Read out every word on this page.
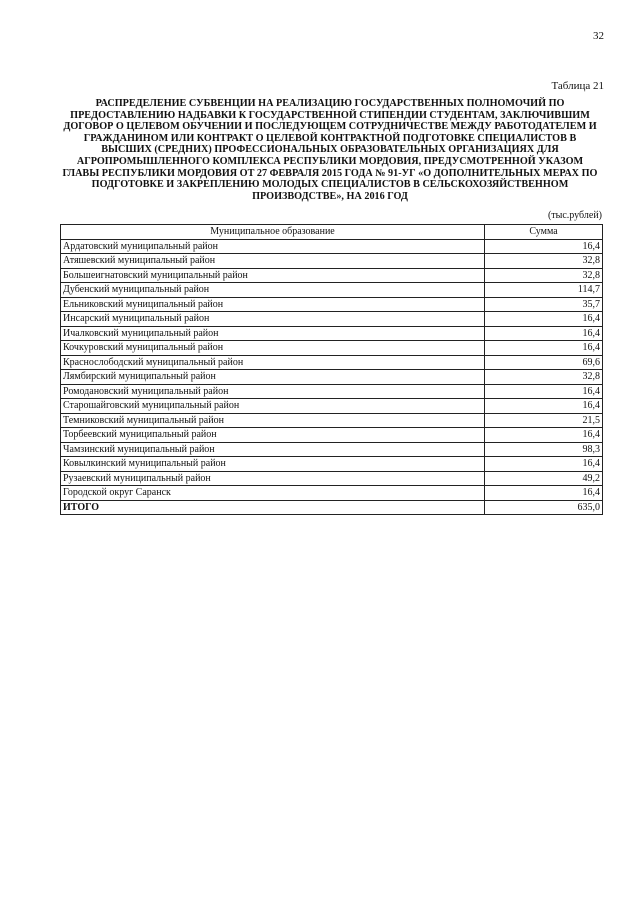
32
Таблица 21
РАСПРЕДЕЛЕНИЕ СУБВЕНЦИИ НА РЕАЛИЗАЦИЮ ГОСУДАРСТВЕННЫХ ПОЛНОМОЧИЙ ПО ПРЕДОСТАВЛЕНИЮ НАДБАВКИ К ГОСУДАРСТВЕННОЙ СТИПЕНДИИ СТУДЕНТАМ, ЗАКЛЮЧИВШИМ ДОГОВОР О ЦЕЛЕВОМ ОБУЧЕНИИ И ПОСЛЕДУЮЩЕМ СОТРУДНИЧЕСТВЕ МЕЖДУ РАБОТОДАТЕЛЕМ И ГРАЖДАНИНОМ ИЛИ КОНТРАКТ О ЦЕЛЕВОЙ КОНТРАКТНОЙ ПОДГОТОВКЕ СПЕЦИАЛИСТОВ В ВЫСШИХ (СРЕДНИХ) ПРОФЕССИОНАЛЬНЫХ ОБРАЗОВАТЕЛЬНЫХ ОРГАНИЗАЦИЯХ ДЛЯ АГРОПРОМЫШЛЕННОГО КОМПЛЕКСА РЕСПУБЛИКИ МОРДОВИЯ, ПРЕДУСМОТРЕННОЙ УКАЗОМ ГЛАВЫ РЕСПУБЛИКИ МОРДОВИЯ ОТ 27 ФЕВРАЛЯ 2015 ГОДА № 91-УГ «О ДОПОЛНИТЕЛЬНЫХ МЕРАХ ПО ПОДГОТОВКЕ И ЗАКРЕПЛЕНИЮ МОЛОДЫХ СПЕЦИАЛИСТОВ В СЕЛЬСКОХОЗЯЙСТВЕННОМ ПРОИЗВОДСТВЕ», НА 2016 ГОД
(тыс.рублей)
Муниципальное образование	Сумма
Ардатовский муниципальный район	16,4
Атяшевский муниципальный район	32,8
Большеигнатовский муниципальный район	32,8
Дубенский муниципальный район	114,7
Ельниковский муниципальный район	35,7
Инсарский муниципальный район	16,4
Ичалковский муниципальный район	16,4
Кочкуровский муниципальный район	16,4
Краснослободский муниципальный район	69,6
Лямбирский муниципальный район	32,8
Ромодановский муниципальный район	16,4
Старошайговский муниципальный район	16,4
Темниковский муниципальный район	21,5
Торбеевский муниципальный район	16,4
Чамзинский муниципальный район	98,3
Ковылкинский муниципальный район	16,4
Рузаевский муниципальный район	49,2
Городской округ Саранск	16,4
ИТОГО	635,0
